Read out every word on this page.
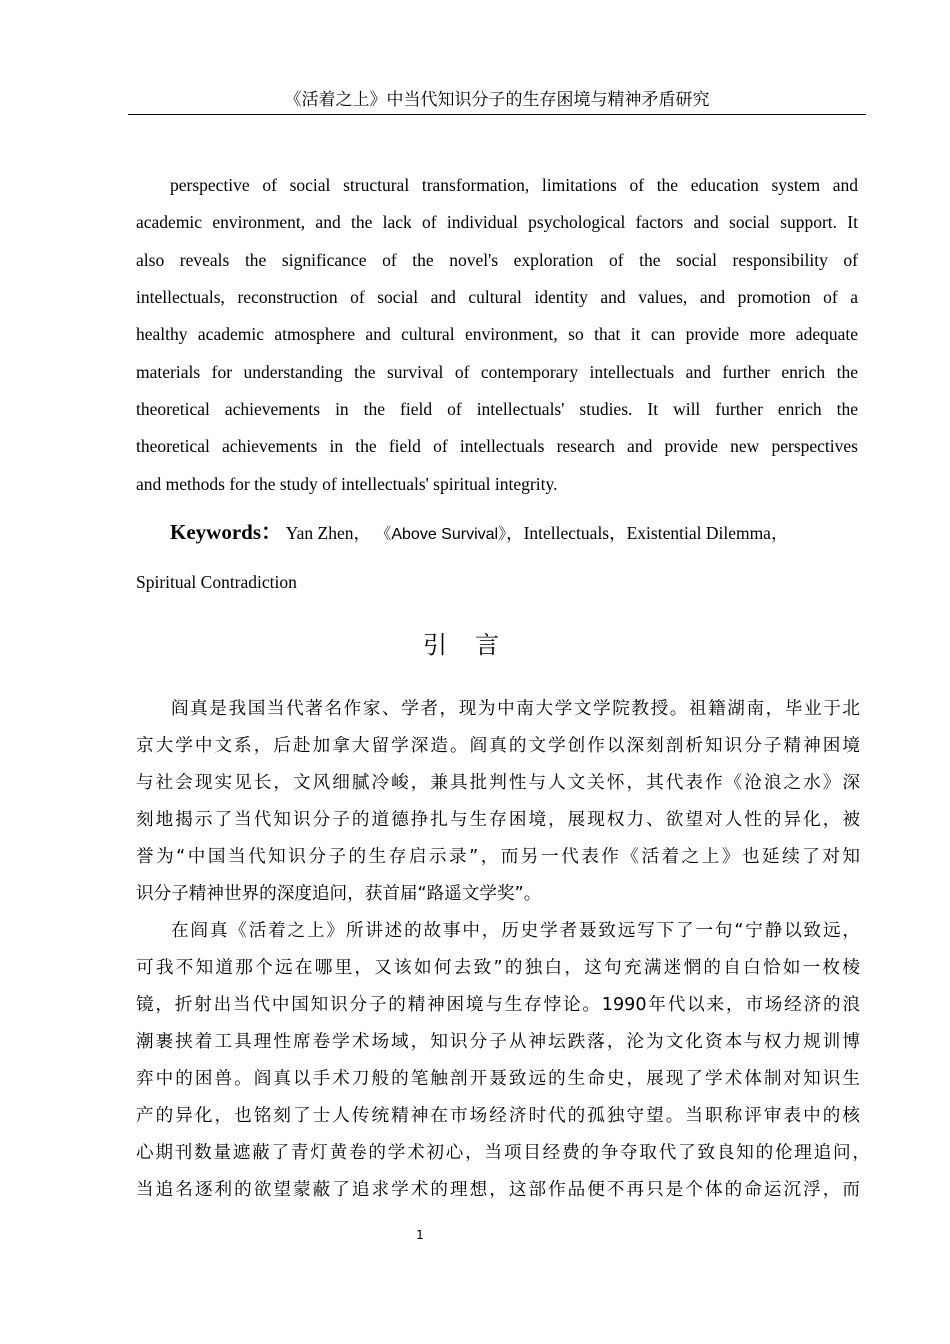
《活着之上》中当代知识分子的生存困境与精神矛盾研究
perspective of social structural transformation, limitations of the education system and
academic environment, and the lack of individual psychological factors and social support. It
also reveals the significance of the novel's exploration of the social responsibility of
intellectuals, reconstruction of social and cultural identity and values, and promotion of a
healthy academic atmosphere and cultural environment, so that it can provide more adequate
materials for understanding the survival of contemporary intellectuals and further enrich the
theoretical achievements in the field of intellectuals' studies. It will further enrich the
theoretical achievements in the field of intellectuals research and provide new perspectives
and methods for the study of intellectuals' spiritual integrity.
Keywords： Yan Zhen， 《Above Survival》，Intellectuals，Existential Dilemma，
Spiritual Contradiction
引言
阎真是我国当代著名作家、学者，现为中南大学文学院教授。祖籍湖南，毕业于北
京大学中文系，后赴加拿大留学深造。阎真的文学创作以深刻剖析知识分子精神困境
与社会现实见长，文风细腻冷峻，兼具批判性与人文关怀，其代表作《沧浪之水》深
刻地揭示了当代知识分子的道德挣扎与生存困境，展现权力、欲望对人性的异化，被
誉为“中国当代知识分子的生存启示录”，而另一代表作《活着之上》也延续了对知
识分子精神世界的深度追问，获首届“路遥文学奖”。
在阎真《活着之上》所讲述的故事中，历史学者聂致远写下了一句“宁静以致远，
可我不知道那个远在哪里，又该如何去致”的独白，这句充满迷惘的自白恰如一枚棱
镜，折射出当代中国知识分子的精神困境与生存悖论。1990年代以来，市场经济的浪
潮裹挟着工具理性席卷学术场域，知识分子从神坛跌落，沦为文化资本与权力规训博
弈中的困兽。阎真以手术刀般的笔触剖开聂致远的生命史，展现了学术体制对知识生
产的异化，也铭刻了士人传统精神在市场经济时代的孤独守望。当职称评审表中的核
心期刊数量遮蔽了青灯黄卷的学术初心，当项目经费的争夺取代了致良知的伦理追问，
当追名逐利的欲望蒙蔽了追求学术的理想，这部作品便不再只是个体的命运沉浮，而
1
